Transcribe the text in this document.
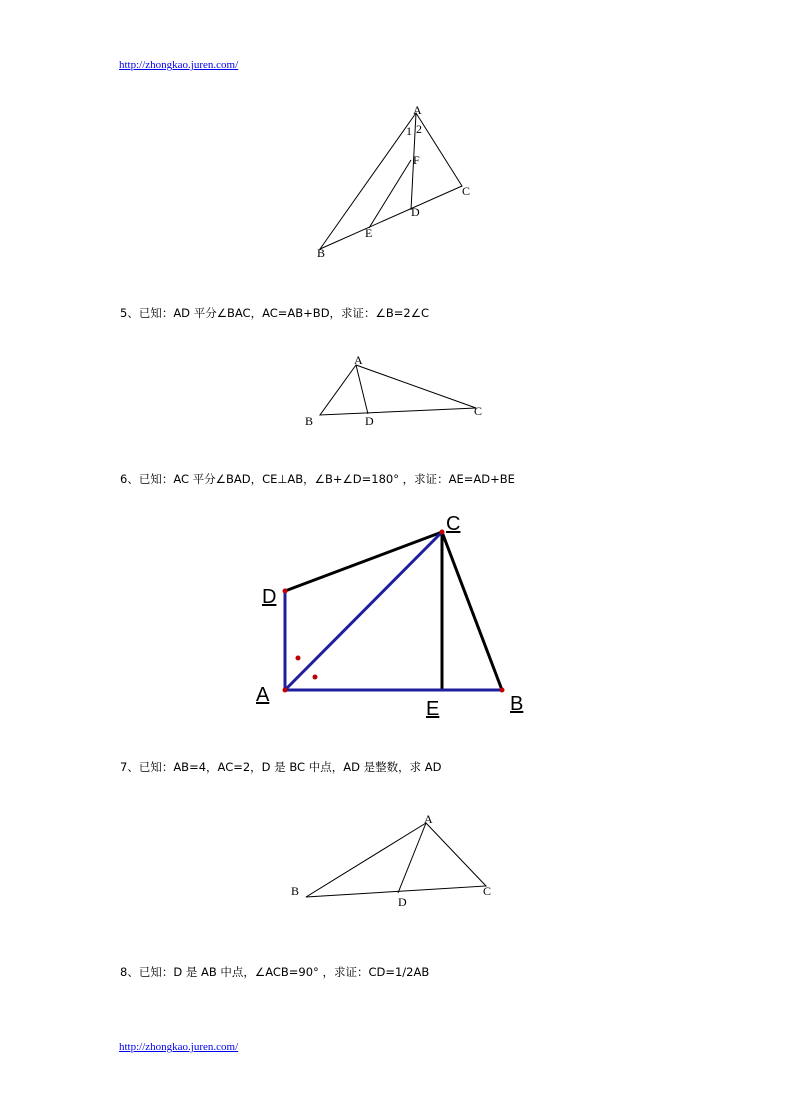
http://zhongkao.juren.com/
A
1 2
F
C
D
E
B
5、已知：AD 平分∠BAC，AC=AB+BD，求证：∠B=2∠C
A
B	D
C
6、已知：AC 平分∠BAD，CE⊥AB，∠B+∠D=180° ，求证：AE=AD+BE
C
D
A
E	B
7、已知：AB=4，AC=2，D 是 BC 中点，AD 是整数，求 AD
A
B
D
C
8、已知：D 是 AB 中点，∠ACB=90° ，求证：CD=1/2AB
http://zhongkao.juren.com/
